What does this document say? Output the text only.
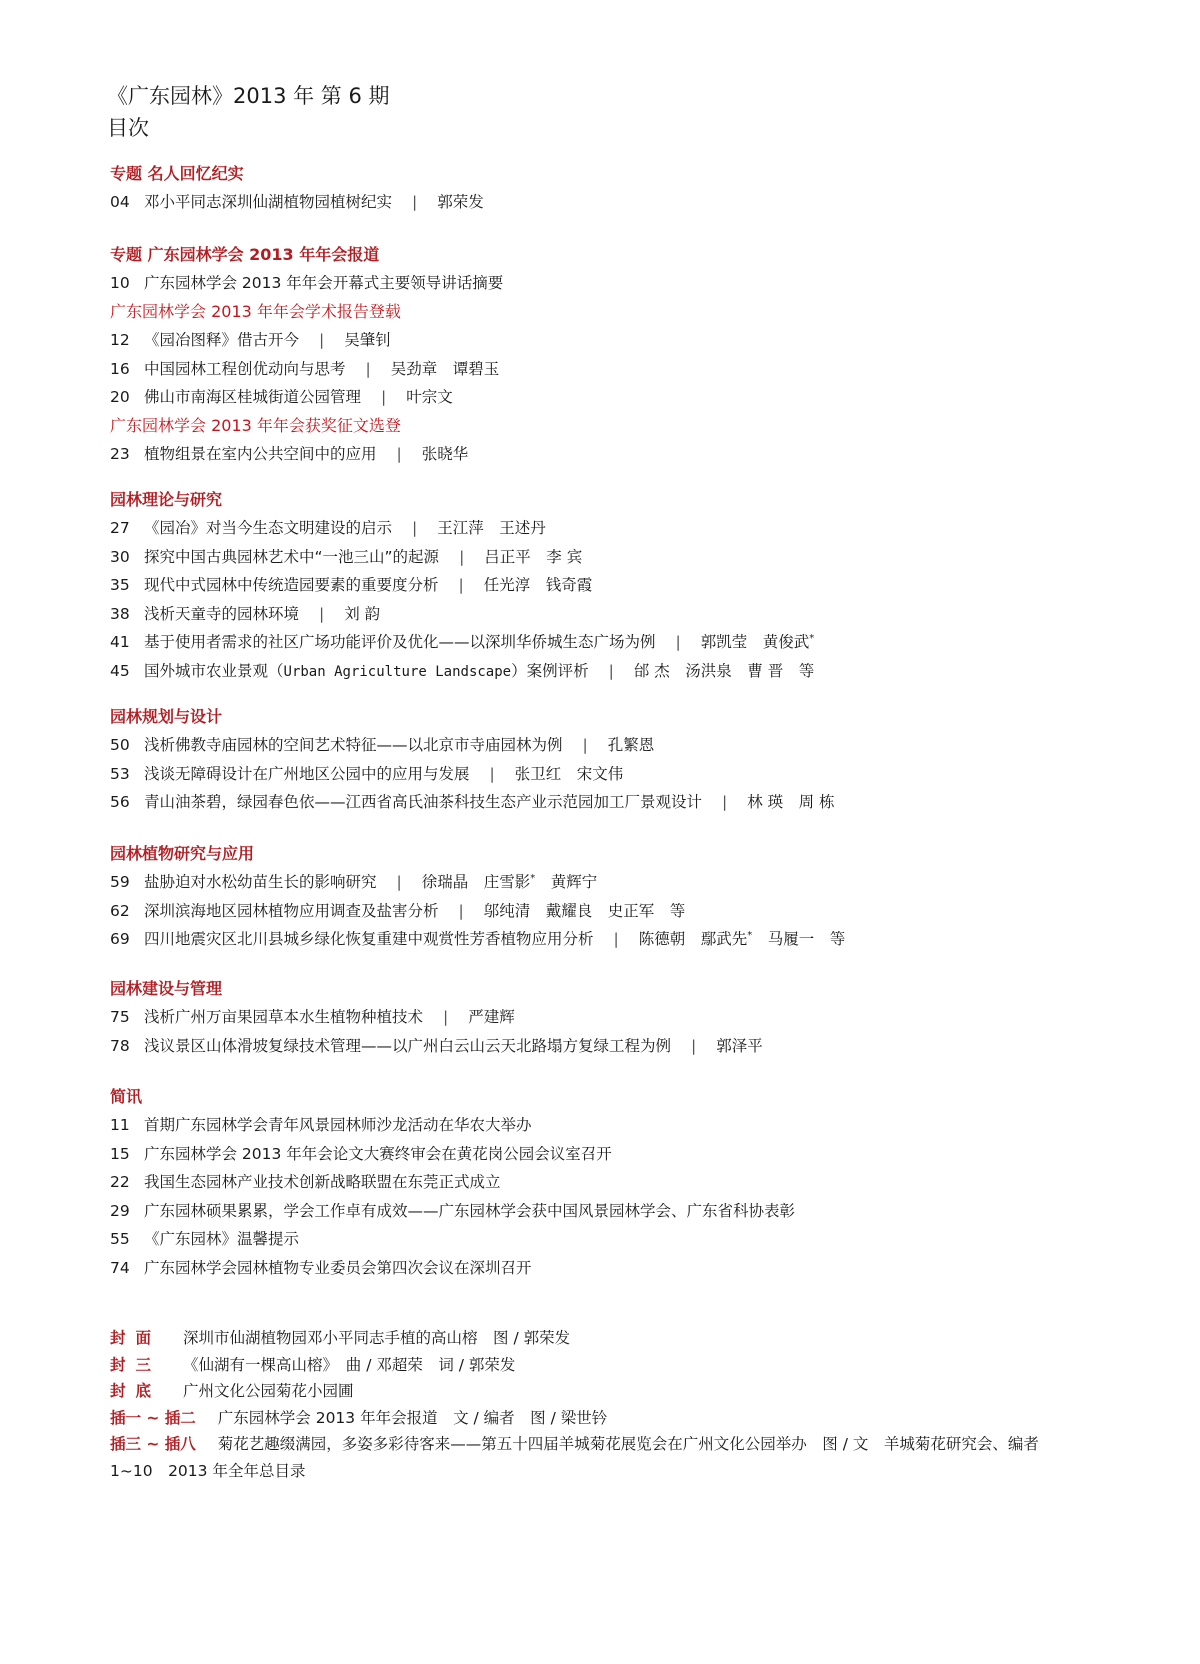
《广东园林》2013 年 第 6 期
目次
专题 名人回忆纪实
04 邓小平同志深圳仙湖植物园植树纪实 | 郭荣发
专题 广东园林学会 2013 年年会报道
10 广东园林学会 2013 年年会开幕式主要领导讲话摘要
广东园林学会 2013 年年会学术报告登载
12 《园冶图释》借古开今 | 吴肇钊
16 中国园林工程创优动向与思考 | 吴劲章　谭碧玉
20 佛山市南海区桂城街道公园管理 | 叶宗文
广东园林学会 2013 年年会获奖征文选登
23 植物组景在室内公共空间中的应用 | 张晓华
园林理论与研究
27 《园冶》对当今生态文明建设的启示 | 王江萍　王述丹
30 探究中国古典园林艺术中“一池三山”的起源 | 吕正平　李 宾
35 现代中式园林中传统造园要素的重要度分析 | 任光淳　钱奇霞
38 浅析天童寺的园林环境 | 刘 韵
41 基于使用者需求的社区广场功能评价及优化——以深圳华侨城生态广场为例 | 郭凯莹　黄俊武*
45 国外城市农业景观（Urban Agriculture Landscape）案例评析 | 邰 杰　汤洪泉　曹 晋　等
园林规划与设计
50 浅析佛教寺庙园林的空间艺术特征——以北京市寺庙园林为例 | 孔繁恩
53 浅谈无障碍设计在广州地区公园中的应用与发展 | 张卫红　宋文伟
56 青山油茶碧，绿园春色依——江西省高氏油茶科技生态产业示范园加工厂景观设计 | 林 瑛　周 栋
园林植物研究与应用
59 盐胁迫对水松幼苗生长的影响研究 | 徐瑞晶　庄雪影*　黄辉宁
62 深圳滨海地区园林植物应用调查及盐害分析 | 邬纯清　戴耀良　史正军　等
69 四川地震灾区北川县城乡绿化恢复重建中观赏性芳香植物应用分析 | 陈德朝　鄢武先*　马履一　等
园林建设与管理
75 浅析广州万亩果园草本水生植物种植技术 | 严建辉
78 浅议景区山体滑坡复绿技术管理——以广州白云山云天北路塌方复绿工程为例 | 郭泽平
简讯
11 首期广东园林学会青年风景园林师沙龙活动在华农大举办
15 广东园林学会 2013 年年会论文大赛终审会在黄花岗公园会议室召开
22 我国生态园林产业技术创新战略联盟在东莞正式成立
29 广东园林硕果累累，学会工作卓有成效——广东园林学会获中国风景园林学会、广东省科协表彰
55 《广东园林》温馨提示
74 广东园林学会园林植物专业委员会第四次会议在深圳召开
封面 深圳市仙湖植物园邓小平同志手植的高山榕　图 / 郭荣发
封三 《仙湖有一棵高山榕》　曲 / 邓超荣　词 / 郭荣发
封底 广州文化公园菊花小园圃
插一 ~ 插二 广东园林学会 2013 年年会报道　文 / 编者　图 / 梁世钤
插三 ~ 插八 菊花艺趣缀满园，多姿多彩待客来——第五十四届羊城菊花展览会在广州文化公园举办　图 / 文　羊城菊花研究会、编者
1~10　2013 年全年总目录
